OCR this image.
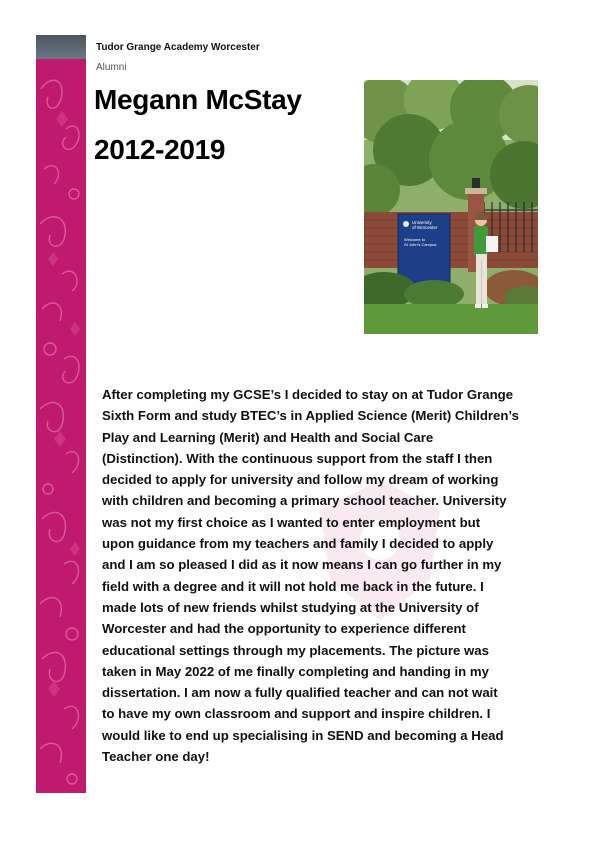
Tudor Grange Academy Worcester
Alumni
Megann McStay
2012-2019
University
of Worcester
Welcome to
St John's Campus
After completing my GCSE’s I decided to stay on at Tudor Grange
Sixth Form and study BTEC’s in Applied Science (Merit) Children’s
Play and Learning (Merit) and Health and Social Care
(Distinction). With the continuous support from the staff I then
decided to apply for university and follow my dream of working
with children and becoming a primary school teacher. University
was not my first choice as I wanted to enter employment but
upon guidance from my teachers and family I decided to apply
and I am so pleased I did as it now means I can go further in my
field with a degree and it will not hold me back in the future. I
made lots of new friends whilst studying at the University of
Worcester and had the opportunity to experience different
educational settings through my placements. The picture was
taken in May 2022 of me finally completing and handing in my
dissertation. I am now a fully qualified teacher and can not wait
to have my own classroom and support and inspire children. I
would like to end up specialising in SEND and becoming a Head
Teacher one day!
